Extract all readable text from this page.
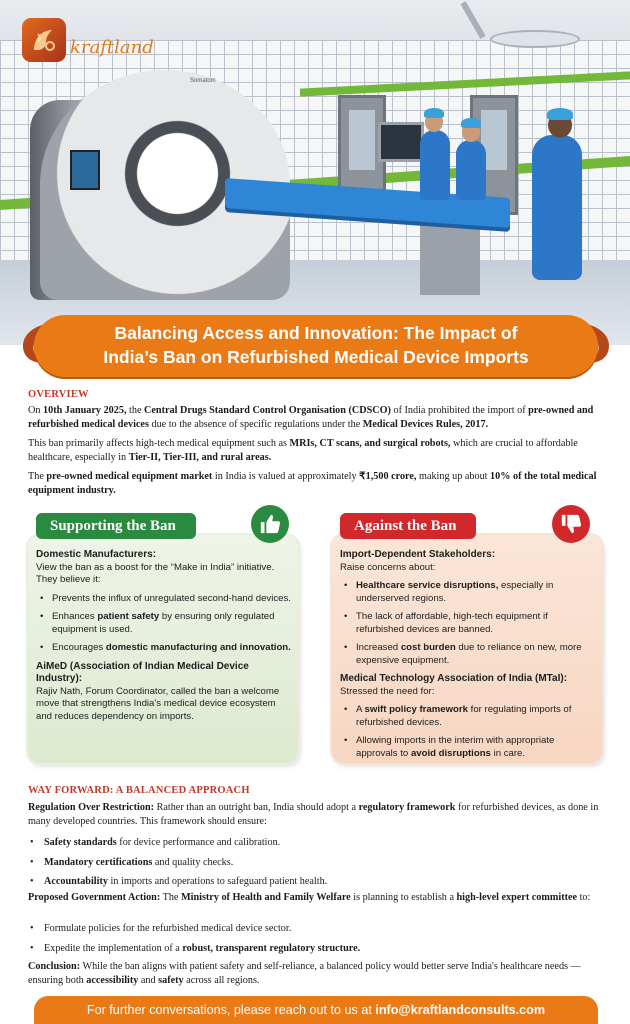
Somatom
kraftland
Balancing Access and Innovation: The Impact of
India’s Ban on Refurbished Medical Device Imports
OVERVIEW

On 10th January 2025, the Central Drugs Standard Control Organisation (CDSCO) of India prohibited the import of pre-owned and refurbished medical devices due to the absence of specific regulations under the Medical Devices Rules, 2017.

This ban primarily affects high-tech medical equipment such as MRIs, CT scans, and surgical robots, which are crucial to affordable healthcare, especially in Tier-II, Tier-III, and rural areas.

The pre-owned medical equipment market in India is valued at approximately ₹1,500 crore, making up about 10% of the total medical equipment industry.

Domestic Manufacturers:
View the ban as a boost for the “Make in India” initiative. They believe it:
• Prevents the influx of unregulated second-hand devices.
• Enhances patient safety by ensuring only regulated equipment is used.
• Encourages domestic manufacturing and innovation.
AiMeD (Association of Indian Medical Device Industry):
Rajiv Nath, Forum Coordinator, called the ban a welcome move that strengthens India's medical device ecosystem and reduces dependency on imports.
Supporting the Ban
Import-Dependent Stakeholders:
Raise concerns about:
• Healthcare service disruptions, especially in underserved regions.
• The lack of affordable, high-tech equipment if refurbished devices are banned.
• Increased cost burden due to reliance on new, more expensive equipment.
Medical Technology Association of India (MTaI):
Stressed the need for:
• A swift policy framework for regulating imports of refurbished devices.
• Allowing imports in the interim with appropriate approvals to avoid disruptions in care.
Against the Ban
WAY FORWARD: A BALANCED APPROACH

Regulation Over Restriction: Rather than an outright ban, India should adopt a regulatory framework for refurbished devices, as done in many developed countries. This framework should ensure:

• Safety standards for device performance and calibration.
• Mandatory certifications and quality checks.
• Accountability in imports and operations to safeguard patient health.

Proposed Government Action: The Ministry of Health and Family Welfare is planning to establish a high-level expert committee to:

• Formulate policies for the refurbished medical device sector.
• Expedite the implementation of a robust, transparent regulatory structure.

Conclusion: While the ban aligns with patient safety and self-reliance, a balanced policy would better serve India's healthcare needs — ensuring both accessibility and safety across all regions.

For further conversations, please reach out to us at info@kraftlandconsults.com
